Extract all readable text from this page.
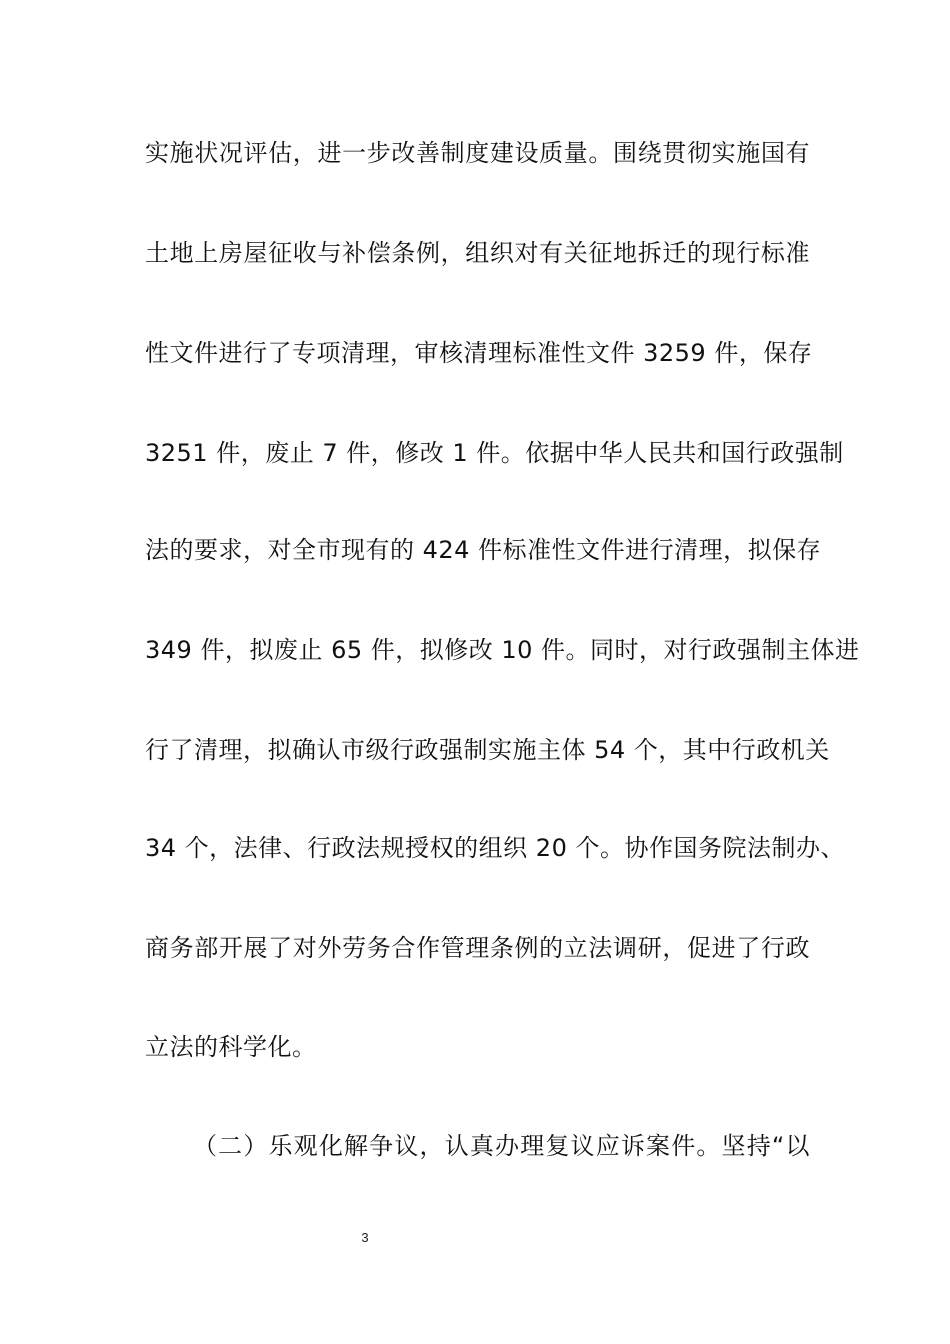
实施状况评估，进一步改善制度建设质量。围绕贯彻实施国有
土地上房屋征收与补偿条例，组织对有关征地拆迁的现行标准
性文件进行了专项清理，审核清理标准性文件 3259 件，保存
3251 件，废止 7 件，修改 1 件。依据中华人民共和国行政强制
法的要求，对全市现有的 424 件标准性文件进行清理，拟保存
349 件，拟废止 65 件，拟修改 10 件。同时，对行政强制主体进
行了清理，拟确认市级行政强制实施主体 54 个，其中行政机关
34 个，法律、行政法规授权的组织 20 个。协作国务院法制办、
商务部开展了对外劳务合作管理条例的立法调研，促进了行政
立法的科学化。
（二）乐观化解争议，认真办理复议应诉案件。坚持“以
3
